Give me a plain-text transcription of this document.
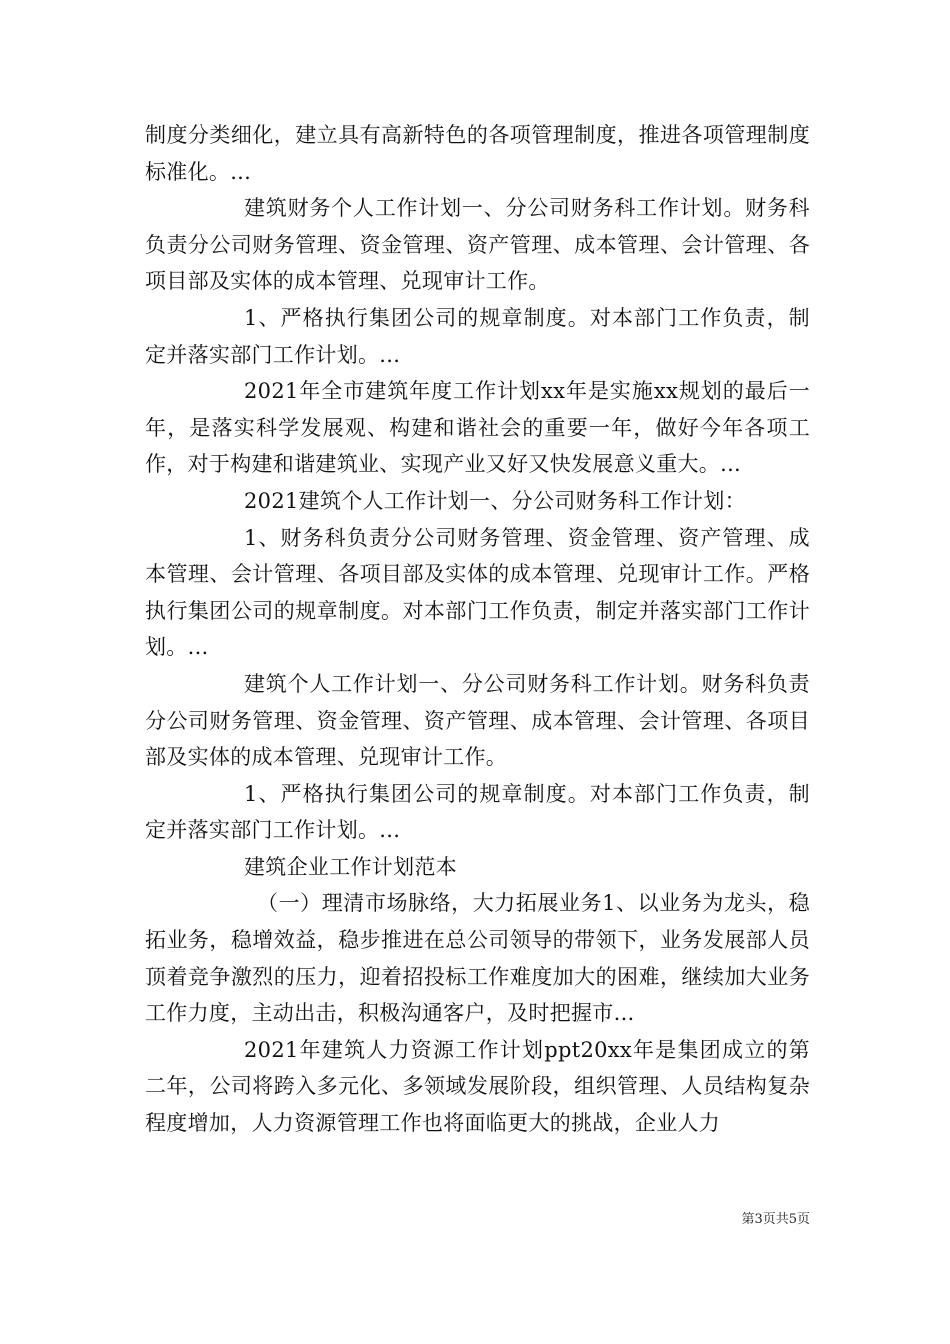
制度分类细化，建立具有高新特色的各项管理制度，推进各项管理制度标准化。...

建筑财务个人工作计划一、分公司财务科工作计划。财务科负责分公司财务管理、资金管理、资产管理、成本管理、会计管理、各项目部及实体的成本管理、兑现审计工作。

1、严格执行集团公司的规章制度。对本部门工作负责，制定并落实部门工作计划。...

2021年全市建筑年度工作计划xx年是实施xx规划的最后一年，是落实科学发展观、构建和谐社会的重要一年，做好今年各项工作，对于构建和谐建筑业、实现产业又好又快发展意义重大。...

2021建筑个人工作计划一、分公司财务科工作计划：

1、财务科负责分公司财务管理、资金管理、资产管理、成本管理、会计管理、各项目部及实体的成本管理、兑现审计工作。严格执行集团公司的规章制度。对本部门工作负责，制定并落实部门工作计划。...

建筑个人工作计划一、分公司财务科工作计划。财务科负责分公司财务管理、资金管理、资产管理、成本管理、会计管理、各项目部及实体的成本管理、兑现审计工作。

1、严格执行集团公司的规章制度。对本部门工作负责，制定并落实部门工作计划。...

建筑企业工作计划范本

（一）理清市场脉络，大力拓展业务1、以业务为龙头，稳拓业务，稳增效益，稳步推进在总公司领导的带领下，业务发展部人员顶着竞争激烈的压力，迎着招投标工作难度加大的困难，继续加大业务工作力度，主动出击，积极沟通客户，及时把握市...

2021年建筑人力资源工作计划ppt20xx年是集团成立的第二年，公司将跨入多元化、多领域发展阶段，组织管理、人员结构复杂程度增加，人力资源管理工作也将面临更大的挑战，企业人力

第3页共5页
